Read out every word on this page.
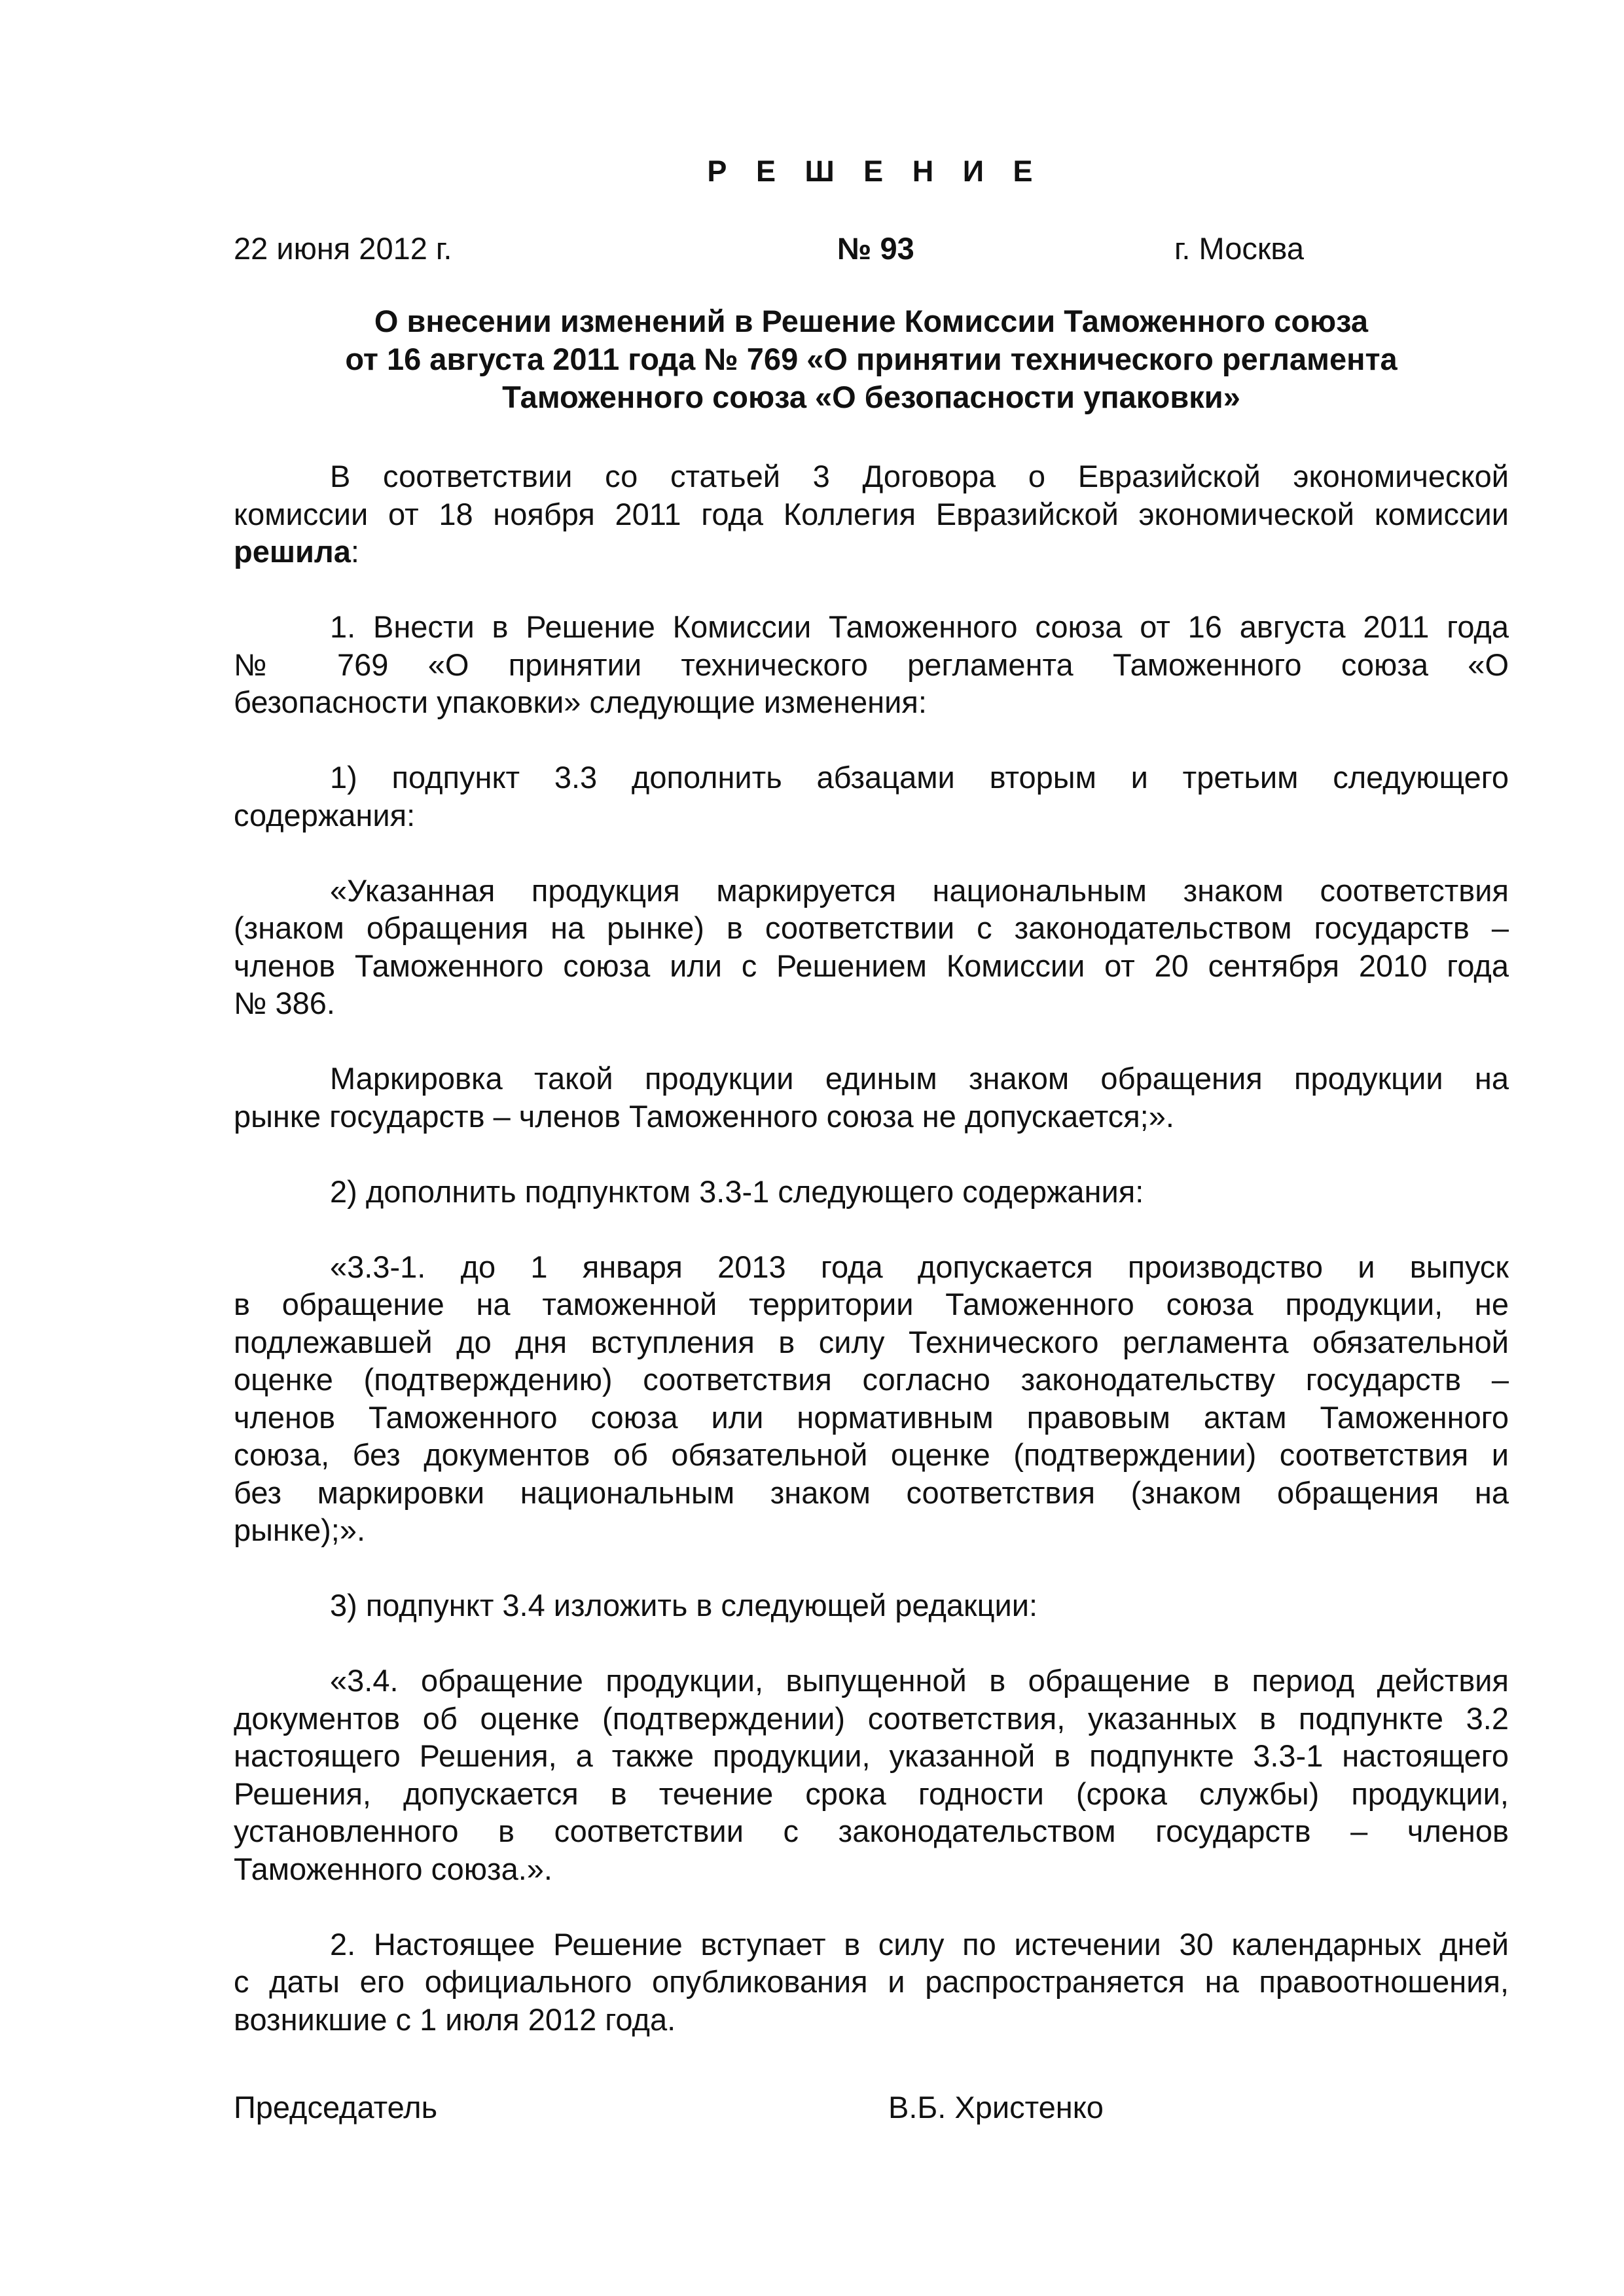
Р Е Ш Е Н И Е
22 июня 2012 г.	№ 93	г. Москва
О внесении изменений в Решение Комиссии Таможенного союза
от 16 августа 2011 года № 769 «О принятии технического регламента
Таможенного союза «О безопасности упаковки»
В соответствии со статьей 3 Договора о Евразийской экономической
комиссии от 18 ноября 2011 года Коллегия Евразийской экономической комиссии
решила:
1. Внести в Решение Комиссии Таможенного союза от 16 августа 2011 года
№ 769 «О принятии технического регламента Таможенного союза «О
безопасности упаковки» следующие изменения:
1) подпункт 3.3 дополнить абзацами вторым и третьим следующего
содержания:
«Указанная продукция маркируется национальным знаком соответствия
(знаком обращения на рынке) в соответствии с законодательством государств –
членов Таможенного союза или с Решением Комиссии от 20 сентября 2010 года
№ 386.
Маркировка такой продукции единым знаком обращения продукции на
рынке государств – членов Таможенного союза не допускается;».
2) дополнить подпунктом 3.3-1 следующего содержания:
«3.3-1. до 1 января 2013 года допускается производство и выпуск
в обращение на таможенной территории Таможенного союза продукции, не
подлежавшей до дня вступления в силу Технического регламента обязательной
оценке (подтверждению) соответствия согласно законодательству государств –
членов Таможенного союза или нормативным правовым актам Таможенного
союза, без документов об обязательной оценке (подтверждении) соответствия и
без маркировки национальным знаком соответствия (знаком обращения на
рынке);».
3) подпункт 3.4 изложить в следующей редакции:
«3.4. обращение продукции, выпущенной в обращение в период действия
документов об оценке (подтверждении) соответствия, указанных в подпункте 3.2
настоящего Решения, а также продукции, указанной в подпункте 3.3-1 настоящего
Решения, допускается в течение срока годности (срока службы) продукции,
установленного в соответствии с законодательством государств – членов
Таможенного союза.».
2. Настоящее Решение вступает в силу по истечении 30 календарных дней
с даты его официального опубликования и распространяется на правоотношения,
возникшие с 1 июля 2012 года.
Председатель	В.Б. Христенко
